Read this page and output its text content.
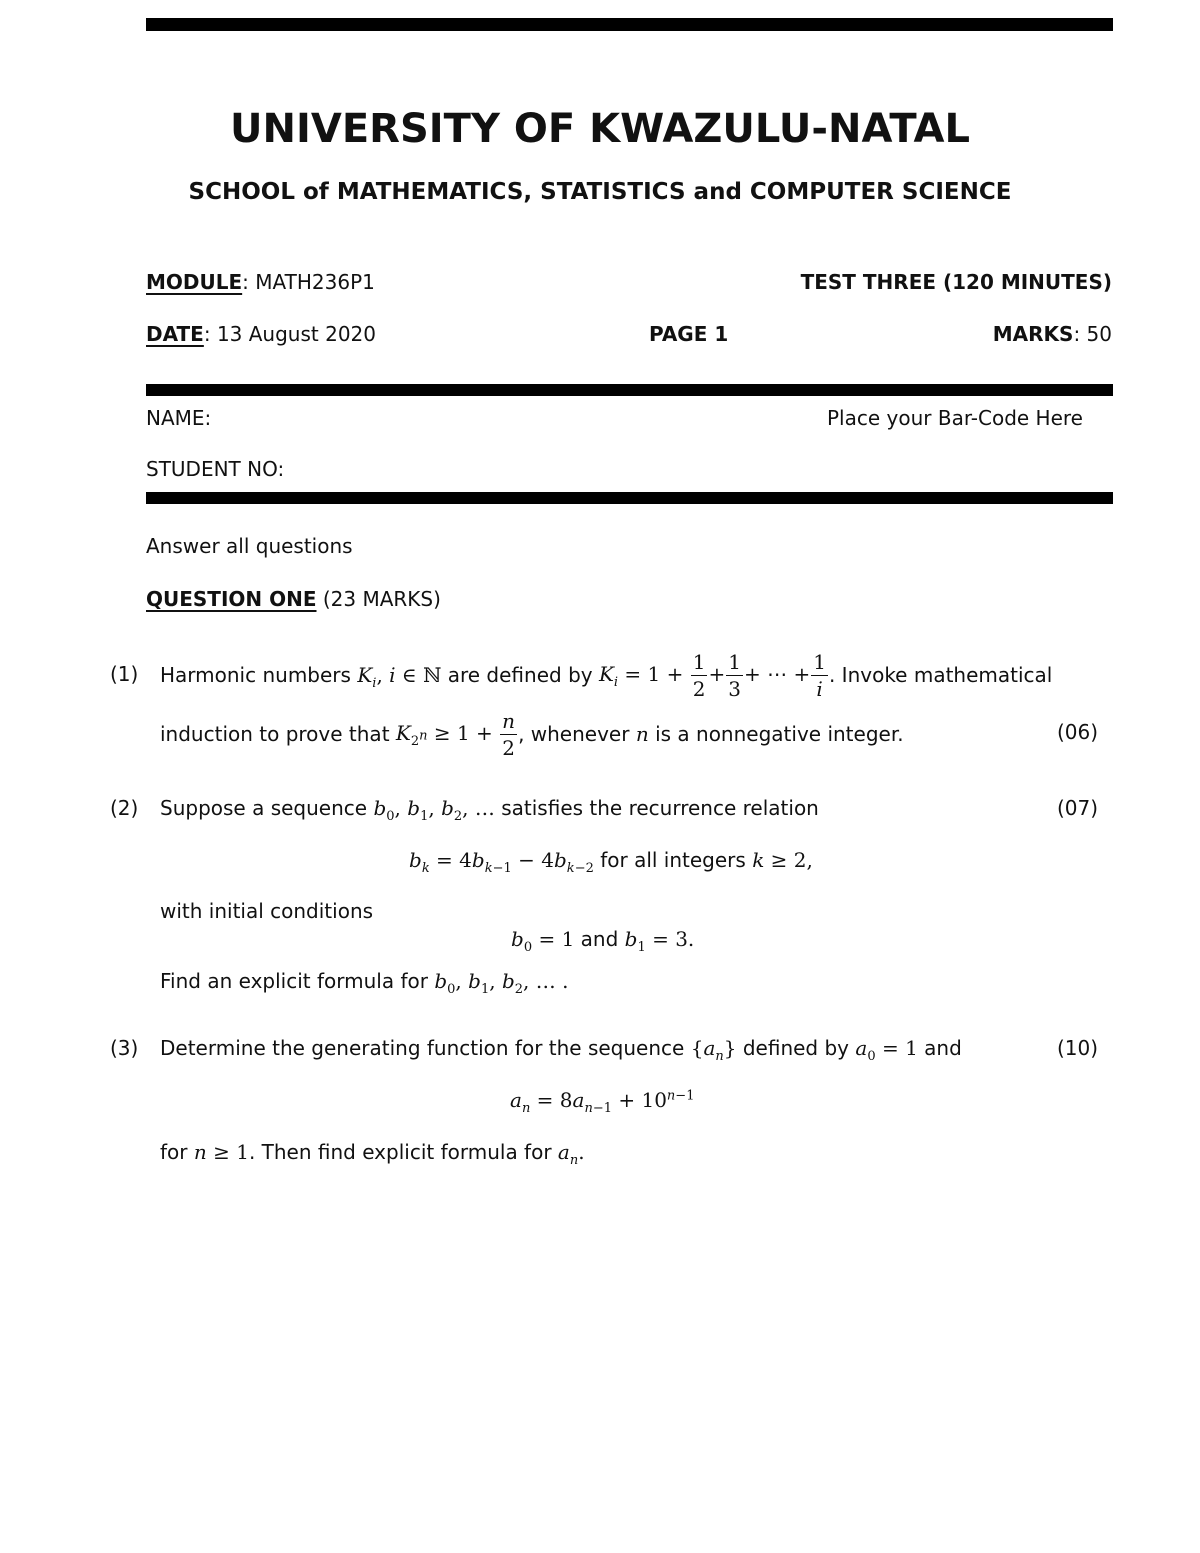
UNIVERSITY OF KWAZULU-NATAL
SCHOOL of MATHEMATICS, STATISTICS and COMPUTER SCIENCE
MODULE: MATH236P1	TEST THREE (120 MINUTES)
DATE: 13 August 2020	PAGE 1	MARKS: 50
NAME:	Place your Bar-Code Here
STUDENT NO:
Answer all questions
QUESTION ONE (23 MARKS)
(1) Harmonic numbers $K_i$, i ∈ ℕ are defined by $K_i = 1 + \frac{1}{2} + \frac{1}{3}$ + ⋯ + $\frac{1}{i}$ . Invoke mathematical
induction to prove that $K_{2^n} \ge 1 + \frac{n}{2}$ , whenever n is a nonnegative integer.	(06)
(2) Suppose a sequence $b_0$, $b_1$, $b_2$, … satisfies the recurrence relation	(07)
$b_k = 4b_{k-1} - 4b_{k-2}$ for all integers k ≥ 2,
with initial conditions
$b_0 = 1$ and $b_1 = 3$.
Find an explicit formula for $b_0$, $b_1$, $b_2$, … .
(3) Determine the generating function for the sequence $\{a_n\}$ defined by $a_0 = 1$ and	(10)
$a_n = 8a_{n-1} + 10^{n-1}$
for n ≥ 1. Then find explicit formula for $a_n$.
